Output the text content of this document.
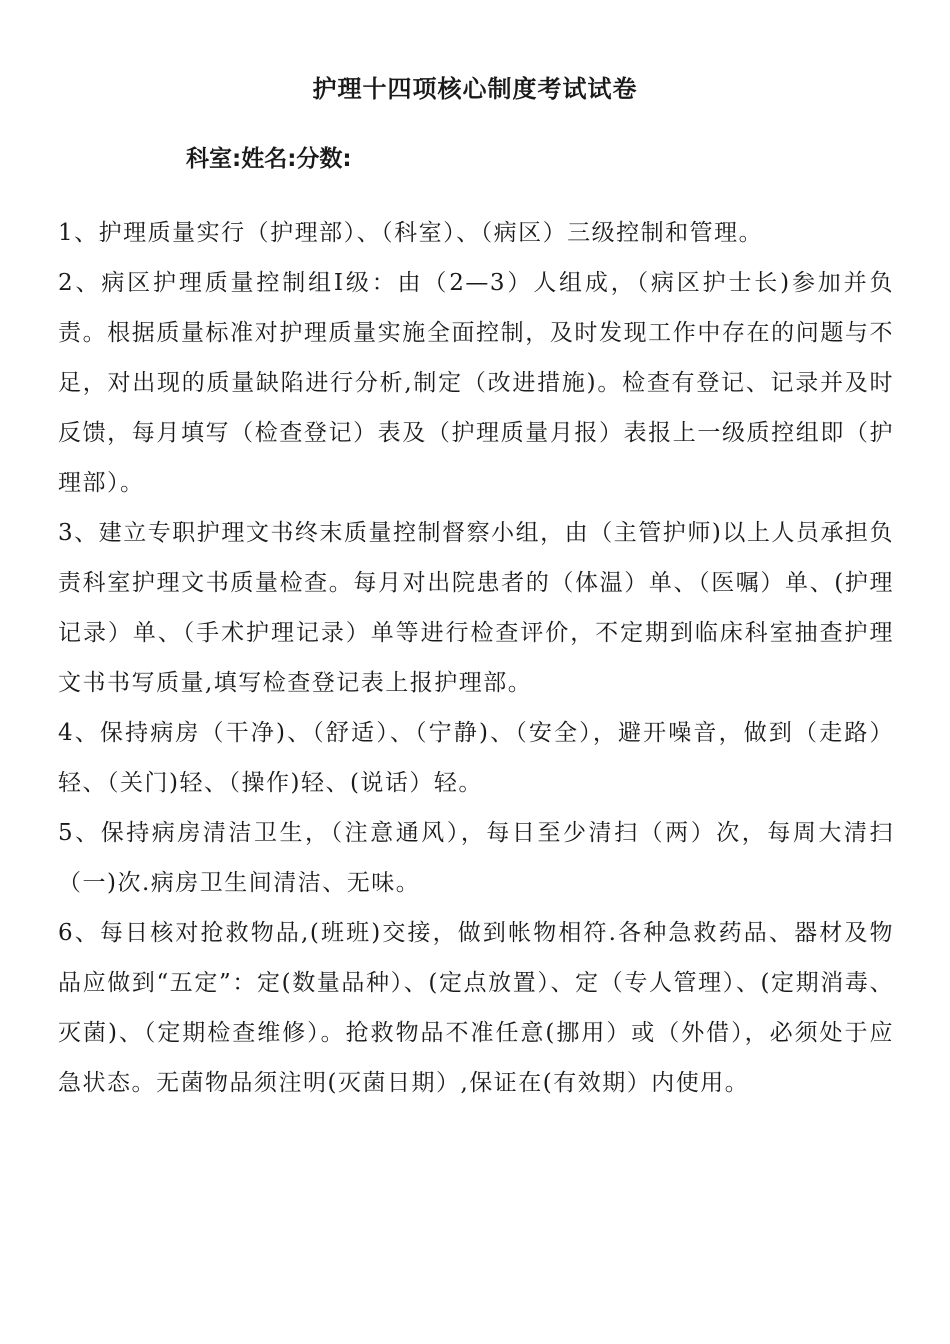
护理十四项核心制度考试试卷
科室:姓名:分数:

1、护理质量实行（护理部）、（科室）、（病区）三级控制和管理。

2、病区护理质量控制组Ⅰ级：由（2—3）人组成，（病区护士长)参加并负责。根据质量标准对护理质量实施全面控制，及时发现工作中存在的问题与不足，对出现的质量缺陷进行分析,制定（改进措施)。检查有登记、记录并及时反馈，每月填写（检查登记）表及（护理质量月报）表报上一级质控组即（护理部）。

3、建立专职护理文书终末质量控制督察小组，由（主管护师)以上人员承担负责科室护理文书质量检查。每月对出院患者的（体温）单、（医嘱）单、(护理记录）单、（手术护理记录）单等进行检查评价，不定期到临床科室抽查护理文书书写质量,填写检查登记表上报护理部。

4、保持病房（干净)、（舒适）、（宁静)、（安全），避开噪音，做到（走路）轻、（关门)轻、（操作)轻、(说话）轻。

5、保持病房清洁卫生，（注意通风），每日至少清扫（两）次，每周大清扫（一)次.病房卫生间清洁、无味。

6、每日核对抢救物品,(班班)交接，做到帐物相符.各种急救药品、器材及物品应做到“五定”：定(数量品种）、(定点放置）、定（专人管理）、(定期消毒、灭菌)、（定期检查维修）。抢救物品不准任意(挪用）或（外借），必须处于应急状态。无菌物品须注明(灭菌日期）,保证在(有效期）内使用。
